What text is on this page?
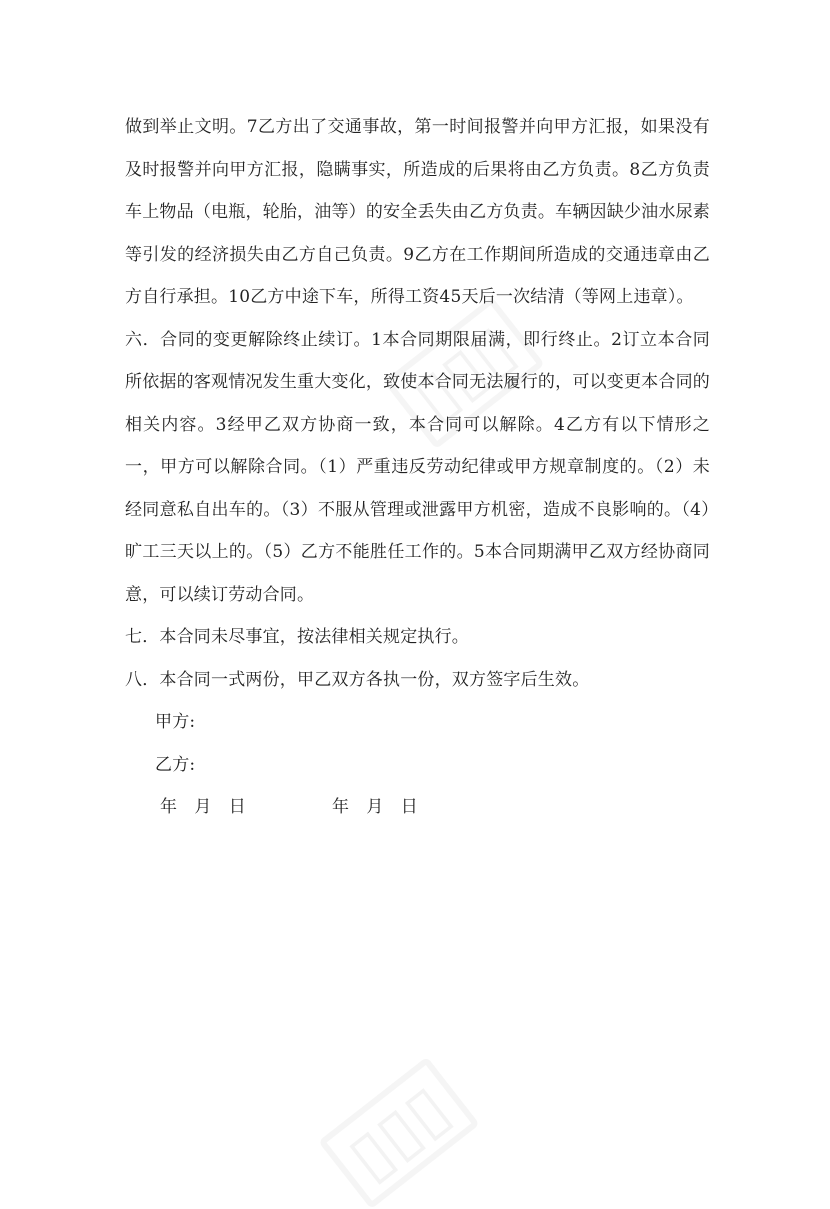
▯▯▯
▯▯▯

做到举止文明。7乙方出了交通事故，第一时间报警并向甲方汇报，如果没有及时报警并向甲方汇报，隐瞒事实，所造成的后果将由乙方负责。8乙方负责车上物品（电瓶，轮胎，油等）的安全丢失由乙方负责。车辆因缺少油水尿素等引发的经济损失由乙方自己负责。9乙方在工作期间所造成的交通违章由乙方自行承担。10乙方中途下车，所得工资45天后一次结清（等网上违章）。

六．合同的变更解除终止续订。1本合同期限届满，即行终止。2订立本合同所依据的客观情况发生重大变化，致使本合同无法履行的，可以变更本合同的相关内容。3经甲乙双方协商一致，本合同可以解除。4乙方有以下情形之一，甲方可以解除合同。（1）严重违反劳动纪律或甲方规章制度的。（2）未经同意私自出车的。（3）不服从管理或泄露甲方机密，造成不良影响的。（4）旷工三天以上的。（5）乙方不能胜任工作的。5本合同期满甲乙双方经协商同意，可以续订劳动合同。

七．本合同未尽事宜，按法律相关规定执行。

八．本合同一式两份，甲乙双方各执一份，双方签字后生效。

甲方:

乙方:

年　月　日	年　月　日
